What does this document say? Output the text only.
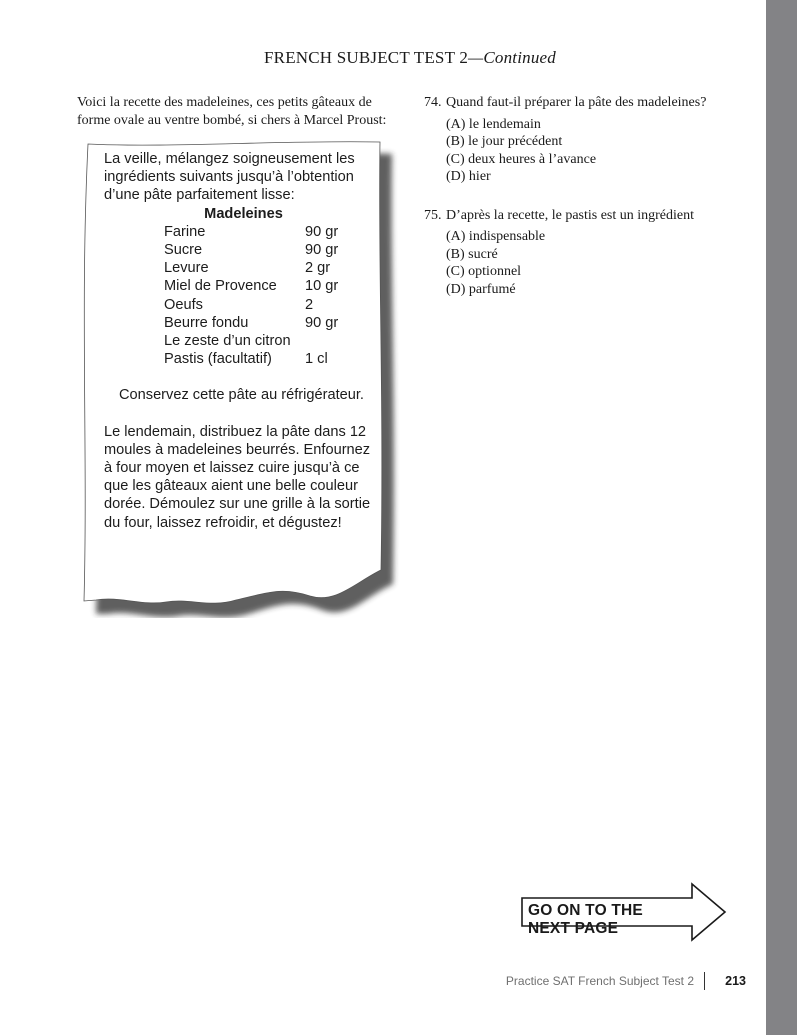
FRENCH SUBJECT TEST 2—Continued
Voici la recette des madeleines, ces petits gâteaux de forme ovale au ventre bombé, si chers à Marcel Proust:

La veille, mélangez soigneusement les ingrédients suivants jusqu’à l’obtention d’une pâte parfaitement lisse:

Madeleines

Farine	90 gr
Sucre	90 gr
Levure	2 gr
Miel de Provence	10 gr
Oeufs	2
Beurre fondu	90 gr
Le zeste d’un citron	
Pastis (facultatif)	1 cl

Conservez cette pâte au réfrigérateur.

Le lendemain, distribuez la pâte dans 12 moules à madeleines beurrés. Enfournez à four moyen et laissez cuire jusqu’à ce que les gâteaux aient une belle couleur dorée. Démoulez sur une grille à la sortie du four, laissez refroidir, et dégustez!

74. Quand faut-il préparer la pâte des madeleines?
(A) le lendemain
(B) le jour précédent
(C) deux heures à l’avance
(D) hier
75. D’après la recette, le pastis est un ingrédient
(A) indispensable
(B) sucré
(C) optionnel
(D) parfumé
GO ON TO THE NEXT PAGE
Practice SAT French Subject Test 2 213
